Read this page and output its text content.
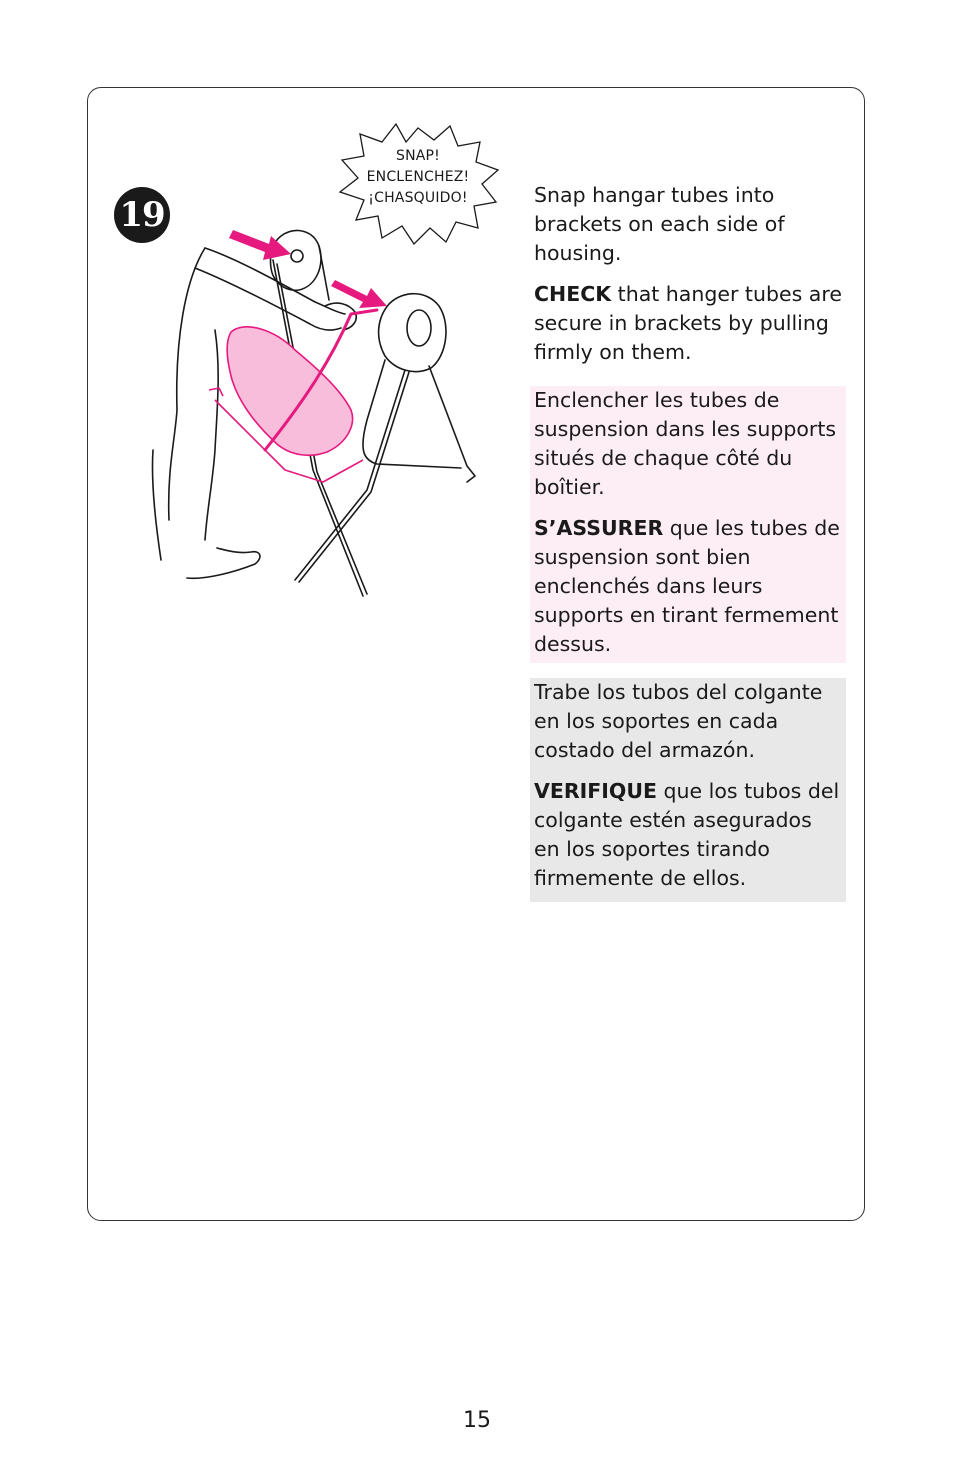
19
SNAP!
ENCLENCHEZ!
¡CHASQUIDO!	Snap hangar tubes into brackets on each side of housing.

CHECK that hanger tubes are secure in brackets by pulling firmly on them.

Enclencher les tubes de suspension dans les supports situés de chaque côté du boîtier.

S’ASSURER que les tubes de suspension sont bien enclenchés dans leurs supports en tirant fermement dessus.

Trabe los tubos del colgante en los soportes en cada costado del armazón.

VERIFIQUE que los tubos del colgante estén asegurados en los soportes tirando firmemente de ellos.

15
